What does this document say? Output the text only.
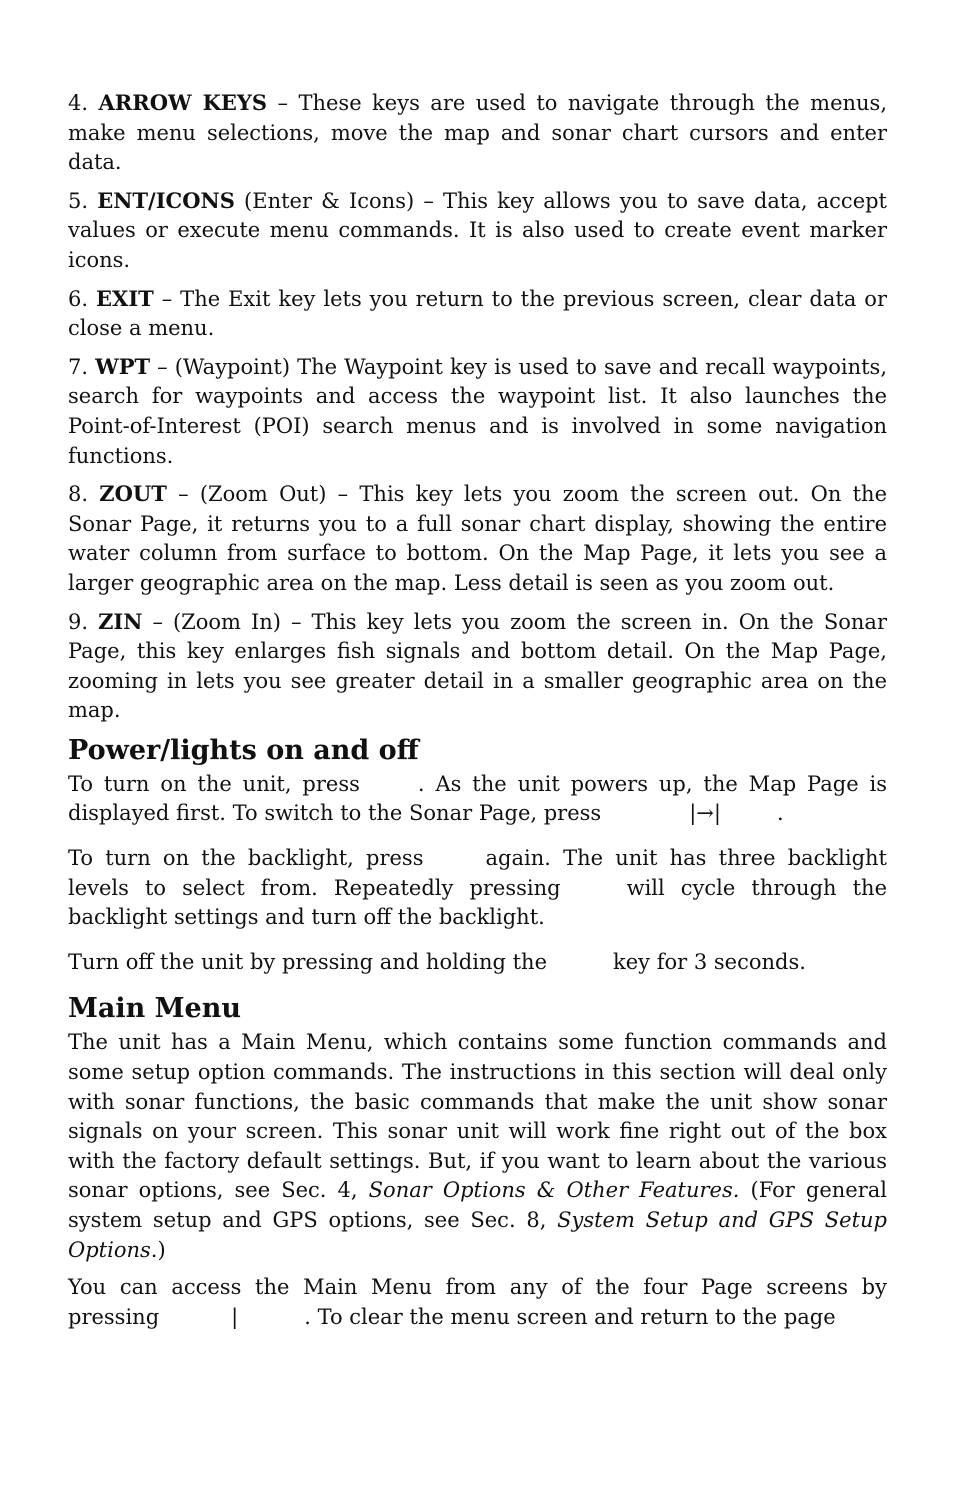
4. ARROW KEYS – These keys are used to navigate through the menus, make menu selections, move the map and sonar chart cursors and enter data.

5. ENT/ICONS (Enter & Icons) – This key allows you to save data, accept values or execute menu commands. It is also used to create event marker icons.

6. EXIT – The Exit key lets you return to the previous screen, clear data or close a menu.

7. WPT – (Waypoint) The Waypoint key is used to save and recall waypoints, search for waypoints and access the waypoint list. It also launches the Point-of-Interest (POI) search menus and is involved in some navigation functions.

8. ZOUT – (Zoom Out) – This key lets you zoom the screen out. On the Sonar Page, it returns you to a full sonar chart display, showing the entire water column from surface to bottom. On the Map Page, it lets you see a larger geographic area on the map. Less detail is seen as you zoom out.

9. ZIN – (Zoom In) – This key lets you zoom the screen in. On the Sonar Page, this key enlarges fish signals and bottom detail. On the Map Page, zooming in lets you see greater detail in a smaller geographic area on the map.

Power/lights on and off

To turn on the unit, press	. As the unit powers up, the Map Page is displayed first. To switch to the Sonar Page, press	|→|	.

To turn on the backlight, press	again. The unit has three backlight levels to select from. Repeatedly pressing	will cycle through the backlight settings and turn off the backlight.

Turn off the unit by pressing and holding the	key for 3 seconds.

Main Menu

The unit has a Main Menu, which contains some function commands and some setup option commands. The instructions in this section will deal only with sonar functions, the basic commands that make the unit show sonar signals on your screen. This sonar unit will work fine right out of the box with the factory default settings. But, if you want to learn about the various sonar options, see Sec. 4, Sonar Options & Other Features. (For general system setup and GPS options, see Sec. 8, System Setup and GPS Setup Options.)

You can access the Main Menu from any of the four Page screens by pressing	|	. To clear the menu screen and return to the page
